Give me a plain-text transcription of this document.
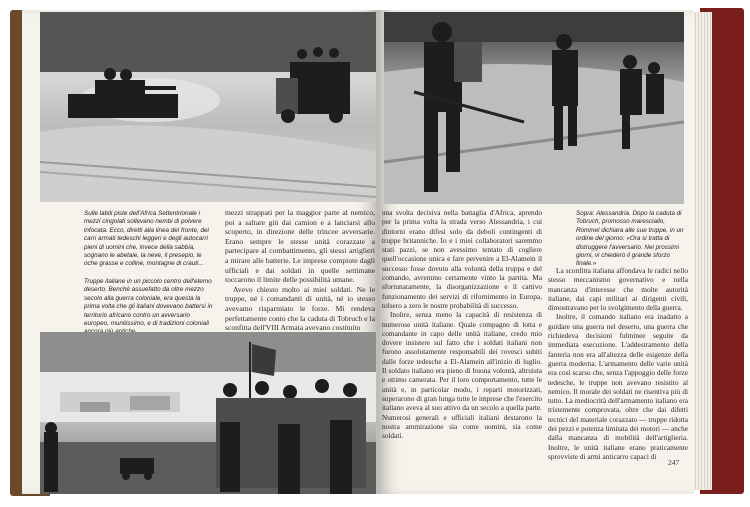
Sulle labili piste dell'Africa Settentrionale i mezzi cingolati sollevano nembi di polvere infocata. Ecco, diretti alla linea del fronte, dei carri armati tedeschi leggeri e degli autocarri pieni di uomini che, invece della sabbia, sognano le abetaie, la neve, il presepio, le oche grasse e colline, montagne di crauti...
Truppe italiane in un piccolo centro dell'eterno deserto. Benché assuefatto da oltre mezzo secolo alla guerra coloniale, era questa la prima volta che gli italiani dovevano battersi in territorio africano contro un avversario europeo, munitissimo, e di tradizioni coloniali

mezzi strappati per la maggior parte al nemico, poi a saltare giù dai camion e a lanciarsi allo scoperto, in direzione delle trincee avversarie. Erano sempre le stesse unità corazzate a partecipare al combattimento, gli stessi artiglieri a mirare alle batterie. Le imprese compiute dagli ufficiali e dai soldati in quelle settimane toccarono il limite delle possibilità umane.

Avevo chiesto molto ai miei soldati. Ne le truppe, né i comandanti di unità, né io stesso avevamo risparmiato le forze. Mi rendeva perfettamente conto che la caduta di Tobruch e la sconfitta dell'VIII Armata avevano costituito

Sopra: Alessandria. Dopo la caduta di Tobruch, promosso maresciallo, Rommel dichiara alle sue truppe, in un ordine del giorno: «Ora si tratta di distruggere l'avversario. Nei prossimi giorni, vi chiederò il grande sforzo finale.»

una svolta decisiva nella battaglia d'Africa, aprendo per la prima volta la strada verso Alessandria, i cui dintorni erano difesi solo da deboli contingenti di truppe britanniche. Io e i miei collaboratori saremmo stati pazzi, se non avessimo tentato di cogliere quell'occasione unica e fare pervenire a El-Alamein il successo fosse dovuto alla volontà della truppa e del comando, avremmo certamente vinto la partita. Ma sfortunatamente, la disorganizzazione e il cattivo funzionamento dei servizi di rifornimento in Europa, tolsero a zero le nostre probabilità di successo.

Inoltre, senza meno la capacità di resistenza di numerose unità italiane. Quale compagno di lotta e comandante in capo delle unità italiane, credo mio dovere insistere sul fatto che i soldati italiani non furono assolutamente responsabili dei rovesci subiti dalle forze tedesche a El-Alamein all'inizio di luglio. Il soldato italiano era pieno di buona volontà, altruista e ottimo camerata. Per il loro comportamento, tutte le unità e, in particolar modo, i reparti motorizzati, superarono di gran lunga tutte le imprese che l'esercito italiano aveva al suo attivo da un secolo a quella parte. Numerosi generali e ufficiali italiani destarono la nostra ammirazione sia come uomini, sia come soldati.

La sconfitta italiana affondava le radici nello stesso meccanismo governativo e nella mancanza d'interesse che molte autorità italiane, dai capi militari ai dirigenti civili, dimostravano per lo svolgimento della guerra.

Inoltre, il comando italiano era inadatto a guidare una guerra nel deserto, una guerra che richiedeva decisioni fulminee seguite da immediata esecuzione. L'addestramento della fanteria non era all'altezza delle esigenze della guerra moderna. L'armamento delle varie unità era così scarso che, senza l'appoggio delle forze tedesche, le truppe non avevano resistito al nemico. Il morale dei soldati ne risentiva più di tutto. La mediocrità dell'armamento italiano era tristemente comprovata, oltre che dai difetti tecnici del materiale corazzato — truppe ridotta dei pezzi e potenza limitata dei motori — anche dalla mancanza di mobilità dell'artiglieria. Inoltre, le unità italiane erano praticamente sprovviste di armi anticarro capaci di

247
